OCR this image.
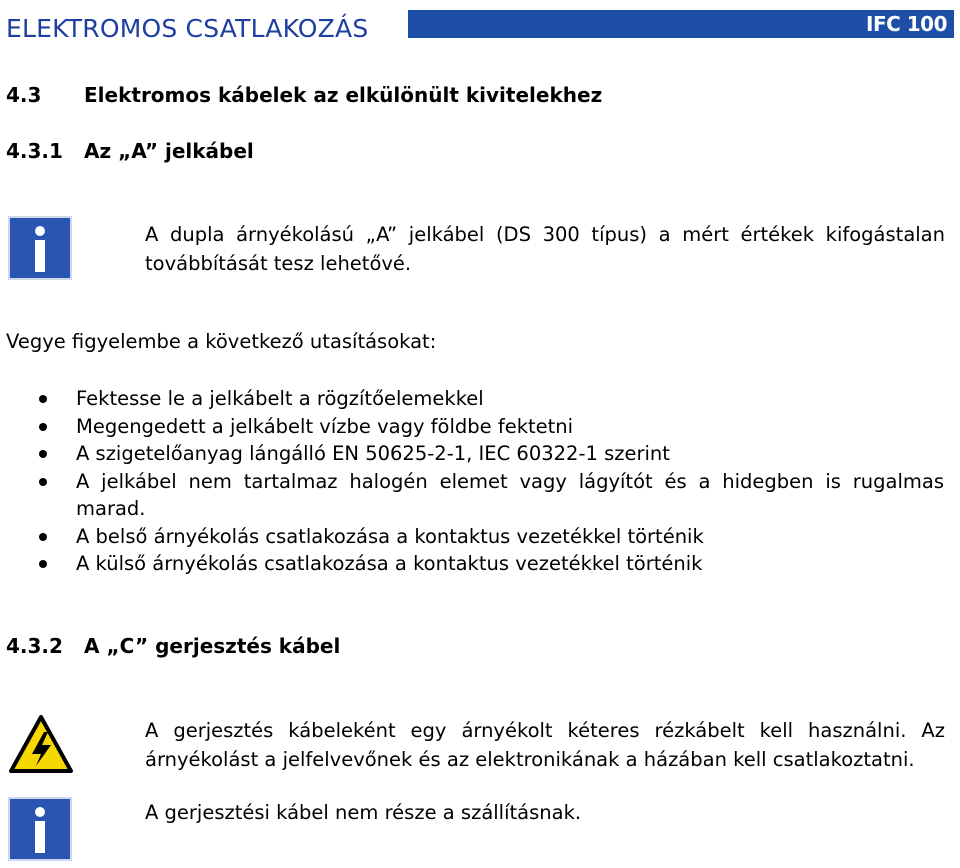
ELEKTROMOS CSATLAKOZÁS	IFC 100
4.3 Elektromos kábelek az elkülönült kivitelekhez
4.3.1 Az „A” jelkábel
A dupla árnyékolású „A” jelkábel (DS 300 típus) a mért értékek kifogástalan továbbítását tesz lehetővé.
Vegye figyelembe a következő utasításokat:
Fektesse le a jelkábelt a rögzítőelemekkel
Megengedett a jelkábelt vízbe vagy földbe fektetni
A szigetelőanyag lángálló EN 50625-2-1, IEC 60322-1 szerint
A jelkábel nem tartalmaz halogén elemet vagy lágyítót és a hidegben is rugalmas marad.
A belső árnyékolás csatlakozása a kontaktus vezetékkel történik
A külső árnyékolás csatlakozása a kontaktus vezetékkel történik
4.3.2 A „C” gerjesztés kábel
A gerjesztés kábeleként egy árnyékolt kéteres rézkábelt kell használni. Az árnyékolást a jelfelvevőnek és az elektronikának a házában kell csatlakoztatni.
A gerjesztési kábel nem része a szállításnak.
